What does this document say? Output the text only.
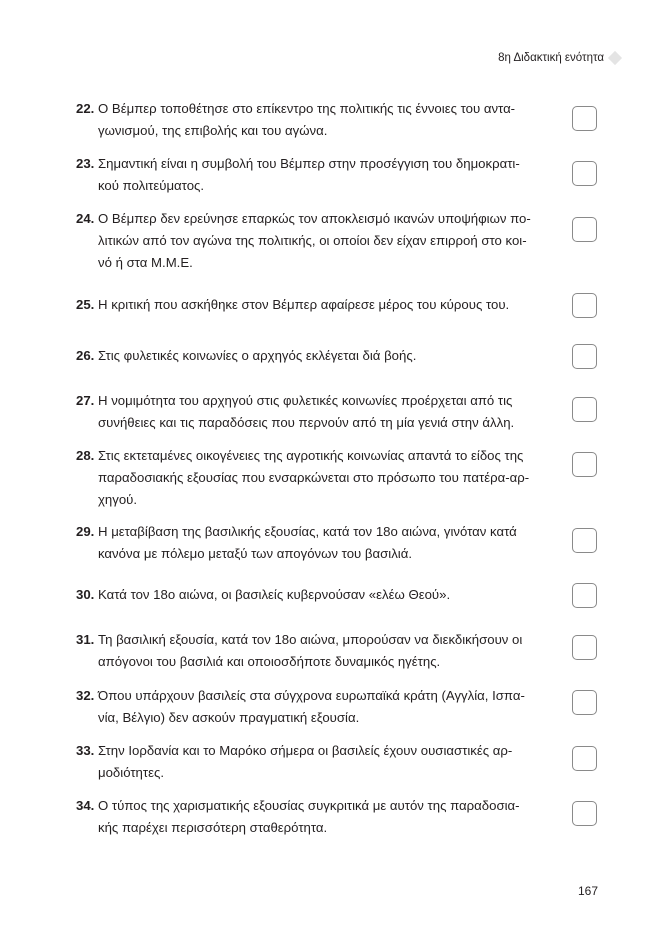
8η Διδακτική ενότητα
22. Ο Βέμπερ τοποθέτησε στο επίκεντρο της πολιτικής τις έννοιες του αντα-
γωνισμού, της επιβολής και του αγώνα.
23. Σημαντική είναι η συμβολή του Βέμπερ στην προσέγγιση του δημοκρατι-
κού πολιτεύματος.
24. Ο Βέμπερ δεν ερεύνησε επαρκώς τον αποκλεισμό ικανών υποψήφιων πο-
λιτικών από τον αγώνα της πολιτικής, οι οποίοι δεν είχαν επιρροή στο κοι-
νό ή στα Μ.Μ.Ε.
25. Η κριτική που ασκήθηκε στον Βέμπερ αφαίρεσε μέρος του κύρους του.
26. Στις φυλετικές κοινωνίες ο αρχηγός εκλέγεται διά βοής.
27. Η νομιμότητα του αρχηγού στις φυλετικές κοινωνίες προέρχεται από τις
συνήθειες και τις παραδόσεις που περνούν από τη μία γενιά στην άλλη.
28. Στις εκτεταμένες οικογένειες της αγροτικής κοινωνίας απαντά το είδος της
παραδοσιακής εξουσίας που ενσαρκώνεται στο πρόσωπο του πατέρα-αρ-
χηγού.
29. Η μεταβίβαση της βασιλικής εξουσίας, κατά τον 18ο αιώνα, γινόταν κατά
κανόνα με πόλεμο μεταξύ των απογόνων του βασιλιά.
30. Κατά τον 18ο αιώνα, οι βασιλείς κυβερνούσαν «ελέω Θεού».
31. Τη βασιλική εξουσία, κατά τον 18ο αιώνα, μπορούσαν να διεκδικήσουν οι
απόγονοι του βασιλιά και οποιοσδήποτε δυναμικός ηγέτης.
32. Όπου υπάρχουν βασιλείς στα σύγχρονα ευρωπαϊκά κράτη (Αγγλία, Ισπα-
νία, Βέλγιο) δεν ασκούν πραγματική εξουσία.
33. Στην Ιορδανία και το Μαρόκο σήμερα οι βασιλείς έχουν ουσιαστικές αρ-
μοδιότητες.
34. Ο τύπος της χαρισματικής εξουσίας συγκριτικά με αυτόν της παραδοσια-
κής παρέχει περισσότερη σταθερότητα.
167
